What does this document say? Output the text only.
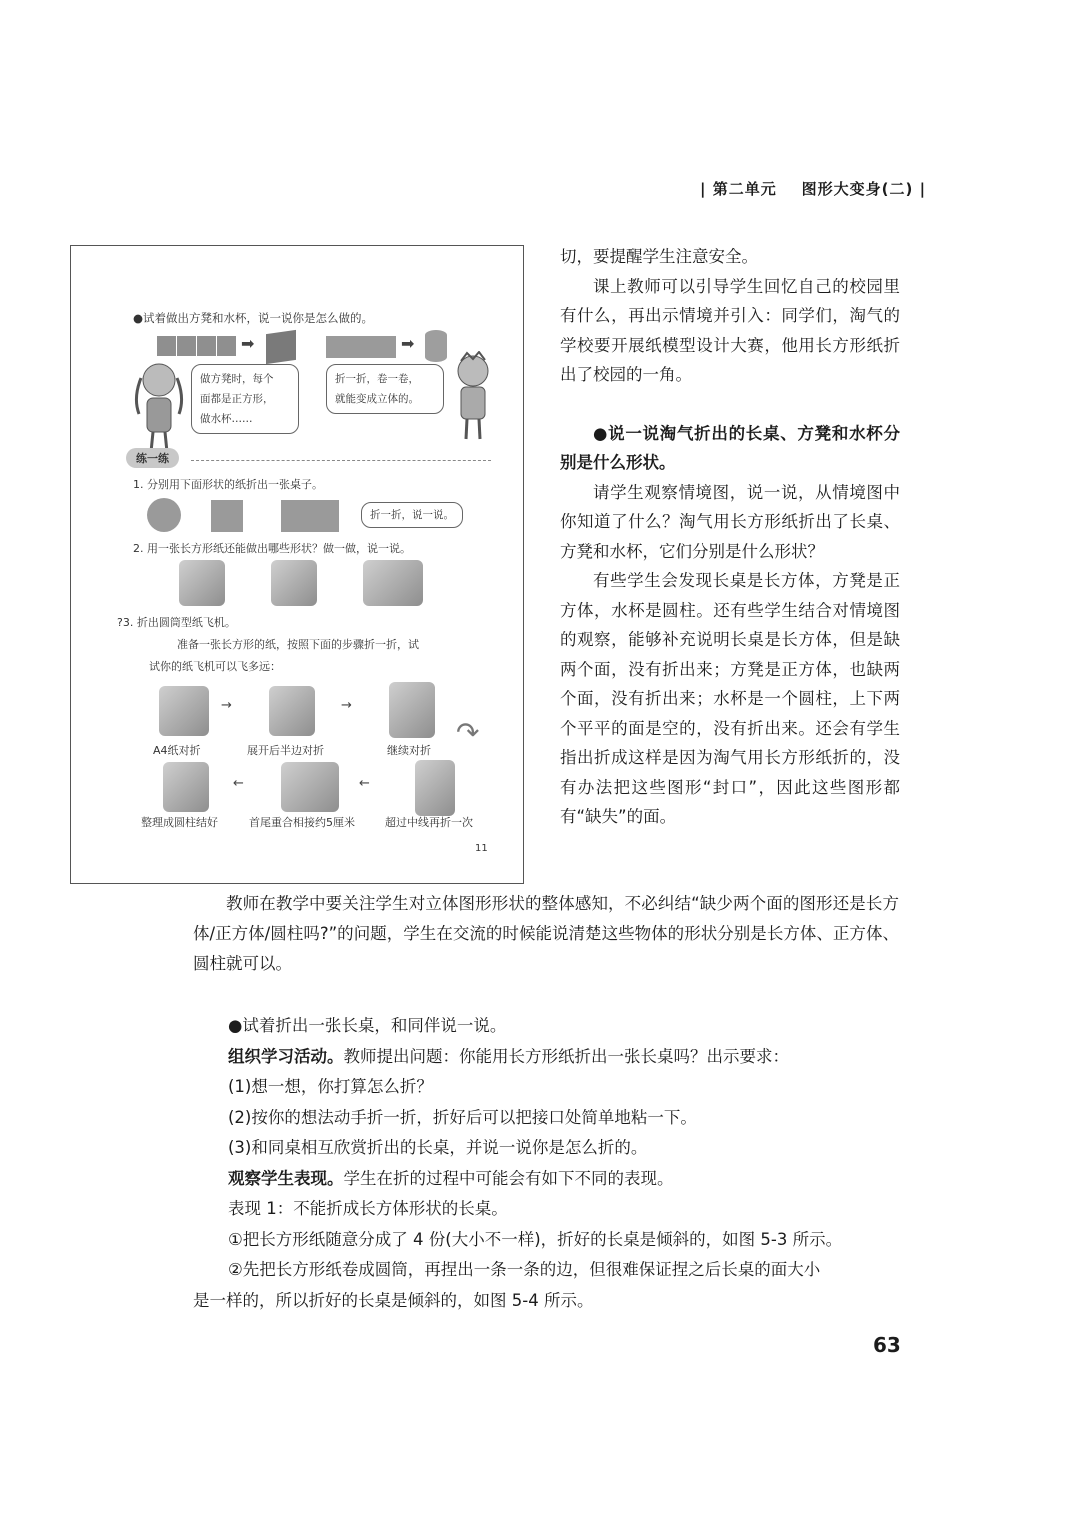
| 第二单元 图形大变身(二) |
●试着做出方凳和水杯，说一说你是怎么做的。
➡	➡
做方凳时，每个
面都是正方形，
做水杯……
折一折，卷一卷，
就能变成立体的。
练一练
1. 分别用下面形状的纸折出一张桌子。
折一折，说一说。
2. 用一张长方形纸还能做出哪些形状？做一做，说一说。
?3. 折出圆筒型纸飞机。
准备一张长方形的纸，按照下面的步骤折一折，试
试你的纸飞机可以飞多远：
→	→
↷
A4纸对折	展开后半边对折	继续对折
←	←
整理成圆柱结好	首尾重合相接约5厘米	超过中线再折一次
11

切，要提醒学生注意安全。

课上教师可以引导学生回忆自己的校园里有什么，再出示情境并引入：同学们，淘气的学校要开展纸模型设计大赛，他用长方形纸折出了校园的一角。

●说一说淘气折出的长桌、方凳和水杯分别是什么形状。

请学生观察情境图，说一说，从情境图中你知道了什么？淘气用长方形纸折出了长桌、方凳和水杯，它们分别是什么形状？

有些学生会发现长桌是长方体，方凳是正方体，水杯是圆柱。还有些学生结合对情境图的观察，能够补充说明长桌是长方体，但是缺两个面，没有折出来；方凳是正方体，也缺两个面，没有折出来；水杯是一个圆柱，上下两个平平的面是空的，没有折出来。还会有学生指出折成这样是因为淘气用长方形纸折的，没有办法把这些图形“封口”，因此这些图形都有“缺失”的面。

教师在教学中要关注学生对立体图形形状的整体感知，不必纠结“缺少两个面的图形还是长方体/正方体/圆柱吗?”的问题，学生在交流的时候能说清楚这些物体的形状分别是长方体、正方体、圆柱就可以。

●试着折出一张长桌，和同伴说一说。

组织学习活动。教师提出问题：你能用长方形纸折出一张长桌吗？出示要求：

(1)想一想，你打算怎么折？

(2)按你的想法动手折一折，折好后可以把接口处简单地粘一下。

(3)和同桌相互欣赏折出的长桌，并说一说你是怎么折的。

观察学生表现。学生在折的过程中可能会有如下不同的表现。

表现 1：不能折成长方体形状的长桌。

①把长方形纸随意分成了 4 份(大小不一样)，折好的长桌是倾斜的，如图 5-3 所示。

②先把长方形纸卷成圆筒，再捏出一条一条的边，但很难保证捏之后长桌的面大小

是一样的，所以折好的长桌是倾斜的，如图 5-4 所示。

63
